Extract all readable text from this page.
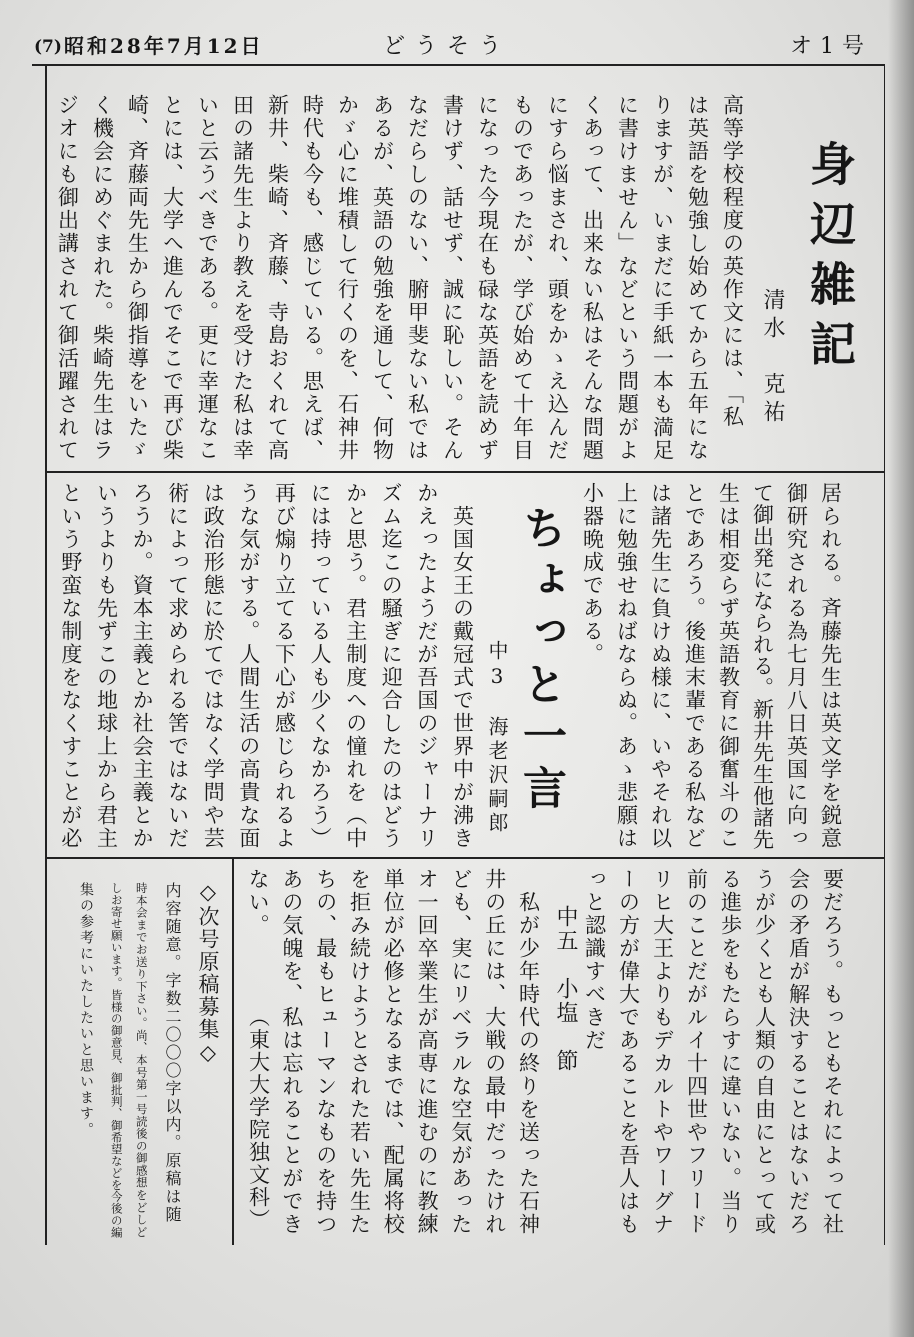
(7) 昭和28年7月12日	どうそう	オ1号
身辺雑記
清水　克祐
ちょっと一言
中3　海老沢嗣郎
中五　小塩　節
◇次号原稿募集◇
高等学校程度の英作文には、「私
は英語を勉強し始めてから五年にな
りますが、いまだに手紙一本も満足
に書けません」などという問題がよ
くあって、出来ない私はそんな問題
にすら悩まされ、頭をかゝえ込んだ
ものであったが、学び始めて十年目
になった今現在も碌な英語を読めず
書けず、話せず、誠に恥しい。そん
なだらしのない、腑甲斐ない私では
あるが、英語の勉強を通して、何物
かゞ心に堆積して行くのを、石神井
時代も今も、感じている。思えば、
新井、柴崎、斉藤、寺島おくれて高
田の諸先生より教えを受けた私は幸
いと云うべきである。更に幸運なこ
とには、大学へ進んでそこで再び柴
崎、斉藤両先生から御指導をいたゞ
く機会にめぐまれた。柴崎先生はラ
ジオにも御出講されて御活躍されて
居られる。斉藤先生は英文学を鋭意
御研究される為七月八日英国に向っ
て御出発になられる。新井先生他諸先
生は相変らず英語教育に御奮斗のこ
とであろう。後進末輩である私など
は諸先生に負けぬ様に、いやそれ以
上に勉強せねばならぬ。あゝ悲願は
小器晩成である。
　英国女王の戴冠式で世界中が沸き
かえったようだが吾国のジャーナリ
ズム迄この騒ぎに迎合したのはどう
かと思う。君主制度への憧れを（中
には持っている人も少くなかろう）
再び煽り立てる下心が感じられるよ
うな気がする。人間生活の高貴な面
は政治形態に於てではなく学問や芸
術によって求められる筈ではないだ
ろうか。資本主義とか社会主義とか
いうよりも先ずこの地球上から君主
という野蛮な制度をなくすことが必
要だろう。もっともそれによって社
会の矛盾が解決することはないだろ
うが少くとも人類の自由にとって或
る進歩をもたらすに違いない。当り
前のことだがルイ十四世やフリード
リヒ大王よりもデカルトやワーグナ
ーの方が偉大であることを吾人はも
っと認識すべきだ
　私が少年時代の終りを送った石神
井の丘には、大戦の最中だったけれ
ども、実にリベラルな空気があった
オ一回卒業生が高専に進むのに教練
単位が必修となるまでは、配属将校
を拒み続けようとされた若い先生た
ちの、最もヒューマンなものを持つ
あの気魄を、私は忘れることができ
ない。
（東大大学院独文科）
内容随意。字数二〇〇〇字以内。原稿は随
時本会までお送り下さい。尚、本号第一号読後の御感想をどしど
しお寄せ願います。皆様の御意見、御批判、御希望などを今後の編
集の参考にいたしたいと思います。
